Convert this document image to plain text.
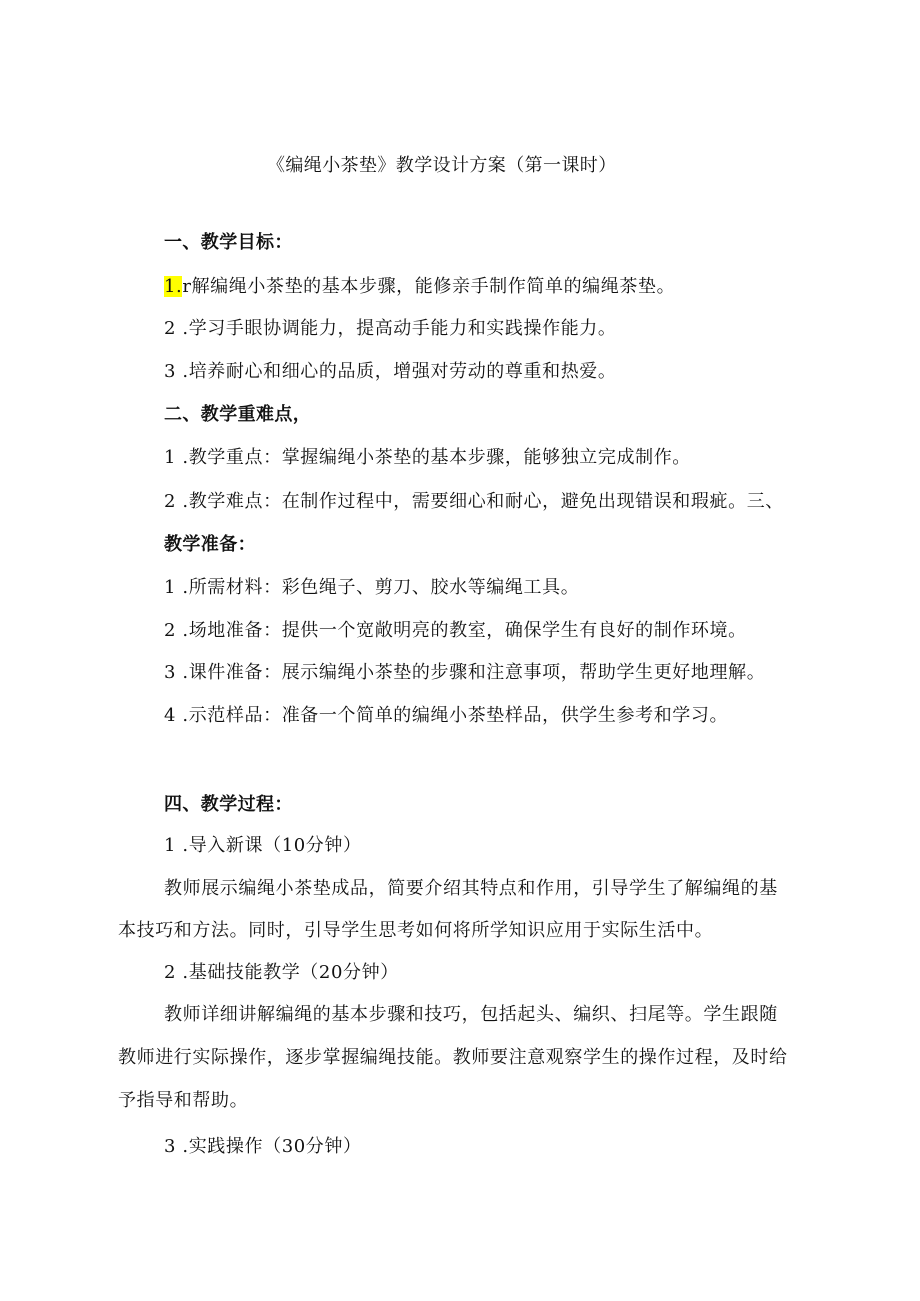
《编绳小茶垫》教学设计方案（第一课时）
一、教学目标：
1.r解编绳小茶垫的基本步骤，能修亲手制作简单的编绳茶垫。
2 .学习手眼协调能力，提高动手能力和实践操作能力。
3 .培养耐心和细心的品质，增强对劳动的尊重和热爱。
二、教学重难点，
1 .教学重点：掌握编绳小茶垫的基本步骤，能够独立完成制作。
2 .教学难点：在制作过程中，需要细心和耐心，避免出现错误和瑕疵。三、
教学准备：
1 .所需材料：彩色绳子、剪刀、胶水等编绳工具。
2 .场地准备：提供一个宽敞明亮的教室，确保学生有良好的制作环境。
3 .课件准备：展示编绳小茶垫的步骤和注意事项，帮助学生更好地理解。
4 .示范样品：准备一个简单的编绳小茶垫样品，供学生参考和学习。
四、教学过程：
1 .导入新课（10分钟）
教师展示编绳小茶垫成品，简要介绍其特点和作用，引导学生了解编绳的基
本技巧和方法。同时，引导学生思考如何将所学知识应用于实际生活中。
2 .基础技能教学（20分钟）
教师详细讲解编绳的基本步骤和技巧，包括起头、编织、扫尾等。学生跟随
教师进行实际操作，逐步掌握编绳技能。教师要注意观察学生的操作过程，及时给
予指导和帮助。
3 .实践操作（30分钟）
